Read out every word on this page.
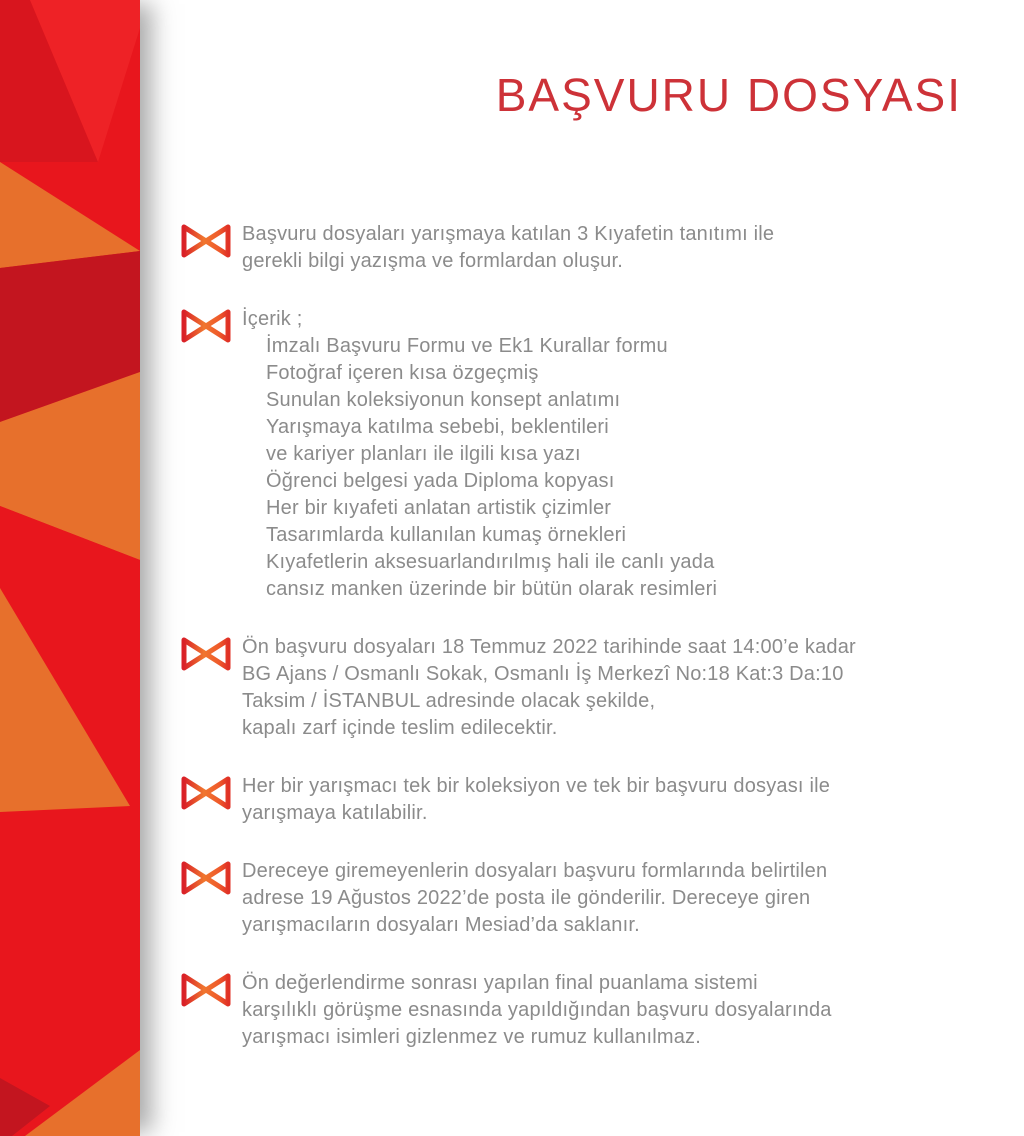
BAŞVURU DOSYASI
Başvuru dosyaları yarışmaya katılan 3 Kıyafetin tanıtımı ile
gerekli bilgi yazışma ve formlardan oluşur.
İçerik ;
İmzalı Başvuru Formu ve Ek1 Kurallar formu
Fotoğraf içeren kısa özgeçmiş
Sunulan koleksiyonun konsept anlatımı
Yarışmaya katılma sebebi, beklentileri
ve kariyer planları ile ilgili kısa yazı
Öğrenci belgesi yada Diploma kopyası
Her bir kıyafeti anlatan artistik çizimler
Tasarımlarda kullanılan kumaş örnekleri
Kıyafetlerin aksesuarlandırılmış hali ile canlı yada
cansız manken üzerinde bir bütün olarak resimleri
Ön başvuru dosyaları 18 Temmuz 2022 tarihinde saat 14:00’e kadar
BG Ajans / Osmanlı Sokak, Osmanlı İş Merkezî No:18 Kat:3 Da:10
Taksim / İSTANBUL adresinde olacak şekilde,
kapalı zarf içinde teslim edilecektir.
Her bir yarışmacı tek bir koleksiyon ve tek bir başvuru dosyası ile
yarışmaya katılabilir.
Dereceye giremeyenlerin dosyaları başvuru formlarında belirtilen
adrese 19 Ağustos 2022’de posta ile gönderilir. Dereceye giren
yarışmacıların dosyaları Mesiad’da saklanır.
Ön değerlendirme sonrası yapılan final puanlama sistemi
karşılıklı görüşme esnasında yapıldığından başvuru dosyalarında
yarışmacı isimleri gizlenmez ve rumuz kullanılmaz.
